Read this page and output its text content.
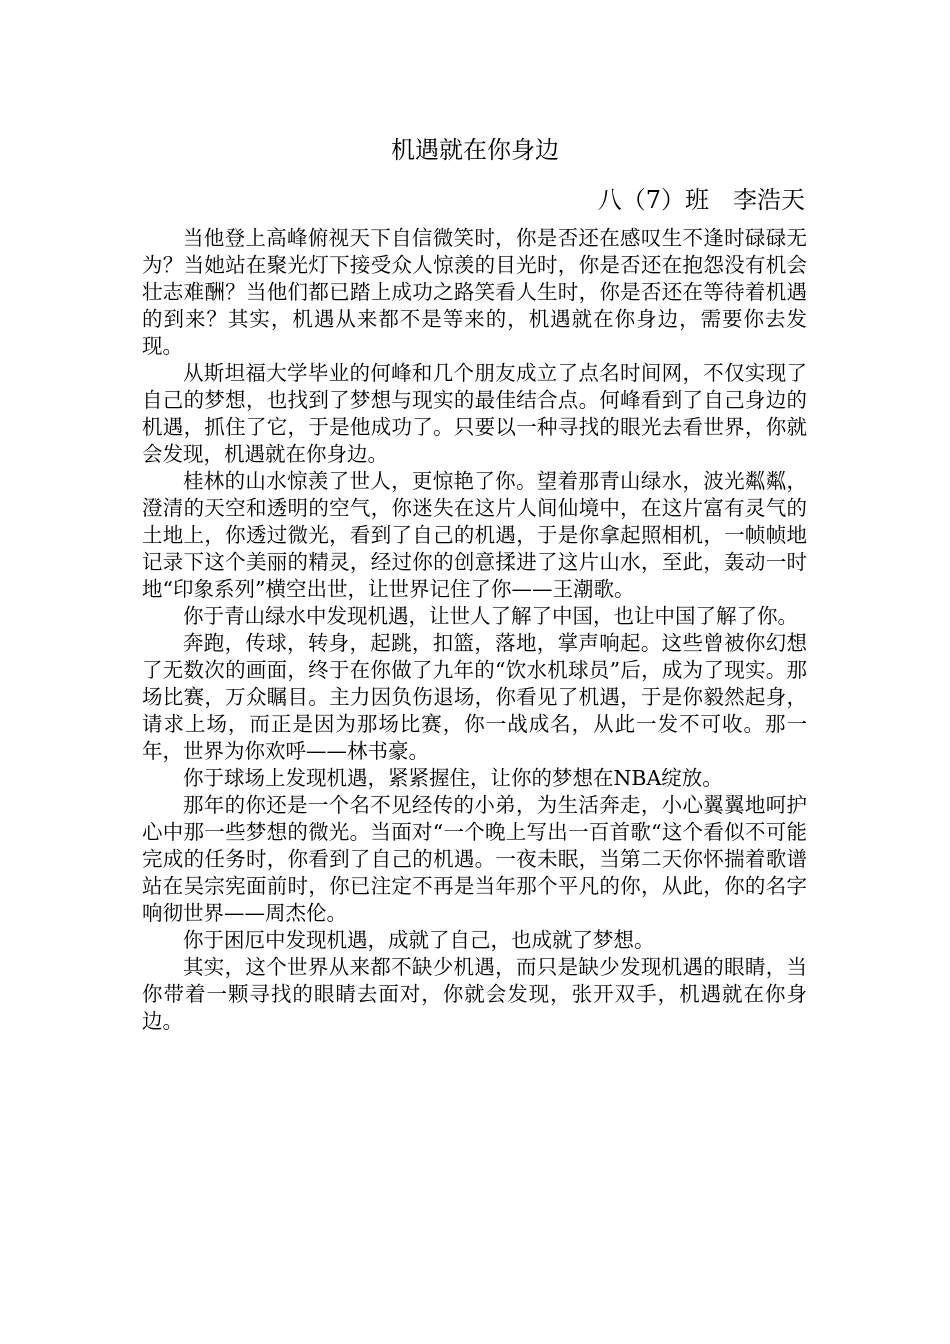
机遇就在你身边
八（7）班　李浩天

当他登上高峰俯视天下自信微笑时，你是否还在感叹生不逢时碌碌无为？当她站在聚光灯下接受众人惊羡的目光时，你是否还在抱怨没有机会壮志难酬？当他们都已踏上成功之路笑看人生时，你是否还在等待着机遇的到来？其实，机遇从来都不是等来的，机遇就在你身边，需要你去发现。

从斯坦福大学毕业的何峰和几个朋友成立了点名时间网，不仅实现了自己的梦想，也找到了梦想与现实的最佳结合点。何峰看到了自己身边的机遇，抓住了它，于是他成功了。只要以一种寻找的眼光去看世界，你就会发现，机遇就在你身边。

桂林的山水惊羡了世人，更惊艳了你。望着那青山绿水，波光粼粼，澄清的天空和透明的空气，你迷失在这片人间仙境中，在这片富有灵气的土地上，你透过微光，看到了自己的机遇，于是你拿起照相机，一帧帧地记录下这个美丽的精灵，经过你的创意揉进了这片山水，至此，轰动一时地“印象系列”横空出世，让世界记住了你——王潮歌。

你于青山绿水中发现机遇，让世人了解了中国，也让中国了解了你。

奔跑，传球，转身，起跳，扣篮，落地，掌声响起。这些曾被你幻想了无数次的画面，终于在你做了九年的“饮水机球员”后，成为了现实。那场比赛，万众瞩目。主力因负伤退场，你看见了机遇，于是你毅然起身，请求上场，而正是因为那场比赛，你一战成名，从此一发不可收。那一年，世界为你欢呼——林书豪。

你于球场上发现机遇，紧紧握住，让你的梦想在NBA绽放。

那年的你还是一个名不见经传的小弟，为生活奔走，小心翼翼地呵护心中那一些梦想的微光。当面对“一个晚上写出一百首歌“这个看似不可能完成的任务时，你看到了自己的机遇。一夜未眠，当第二天你怀揣着歌谱站在吴宗宪面前时，你已注定不再是当年那个平凡的你，从此，你的名字响彻世界——周杰伦。

你于困厄中发现机遇，成就了自己，也成就了梦想。

其实，这个世界从来都不缺少机遇，而只是缺少发现机遇的眼睛，当你带着一颗寻找的眼睛去面对，你就会发现，张开双手，机遇就在你身边。
